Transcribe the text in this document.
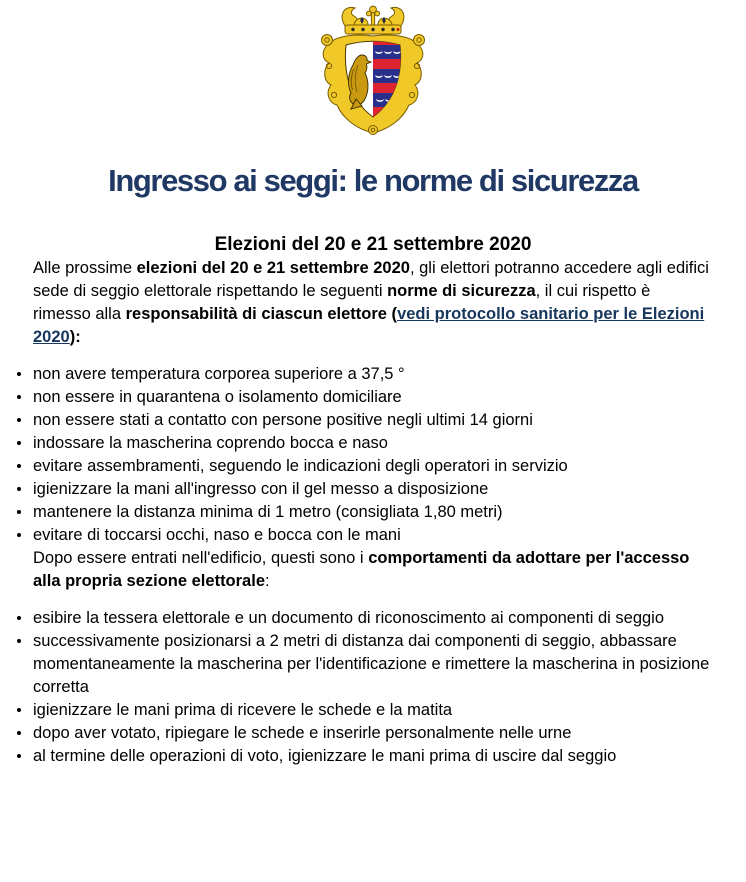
Ingresso ai seggi: le norme di sicurezza
Elezioni del 20 e 21 settembre 2020

Alle prossime elezioni del 20 e 21 settembre 2020, gli elettori potranno accedere agli edifici sede di seggio elettorale rispettando le seguenti norme di sicurezza, il cui rispetto è rimesso alla responsabilità di ciascun elettore (vedi protocollo sanitario per le Elezioni 2020):

non avere temperatura corporea superiore a 37,5 °
non essere in quarantena o isolamento domiciliare
non essere stati a contatto con persone positive negli ultimi 14 giorni
indossare la mascherina coprendo bocca e naso
evitare assembramenti, seguendo le indicazioni degli operatori in servizio
igienizzare la mani all'ingresso con il gel messo a disposizione
mantenere la distanza minima di 1 metro (consigliata 1,80 metri)
evitare di toccarsi occhi, naso e bocca con le mani

Dopo essere entrati nell'edificio, questi sono i comportamenti da adottare per l'accesso alla propria sezione elettorale:

esibire la tessera elettorale e un documento di riconoscimento ai componenti di seggio
successivamente posizionarsi a 2 metri di distanza dai componenti di seggio, abbassare momentaneamente la mascherina per l'identificazione e rimettere la mascherina in posizione corretta
igienizzare le mani prima di ricevere le schede e la matita
dopo aver votato, ripiegare le schede e inserirle personalmente nelle urne
al termine delle operazioni di voto, igienizzare le mani prima di uscire dal seggio
